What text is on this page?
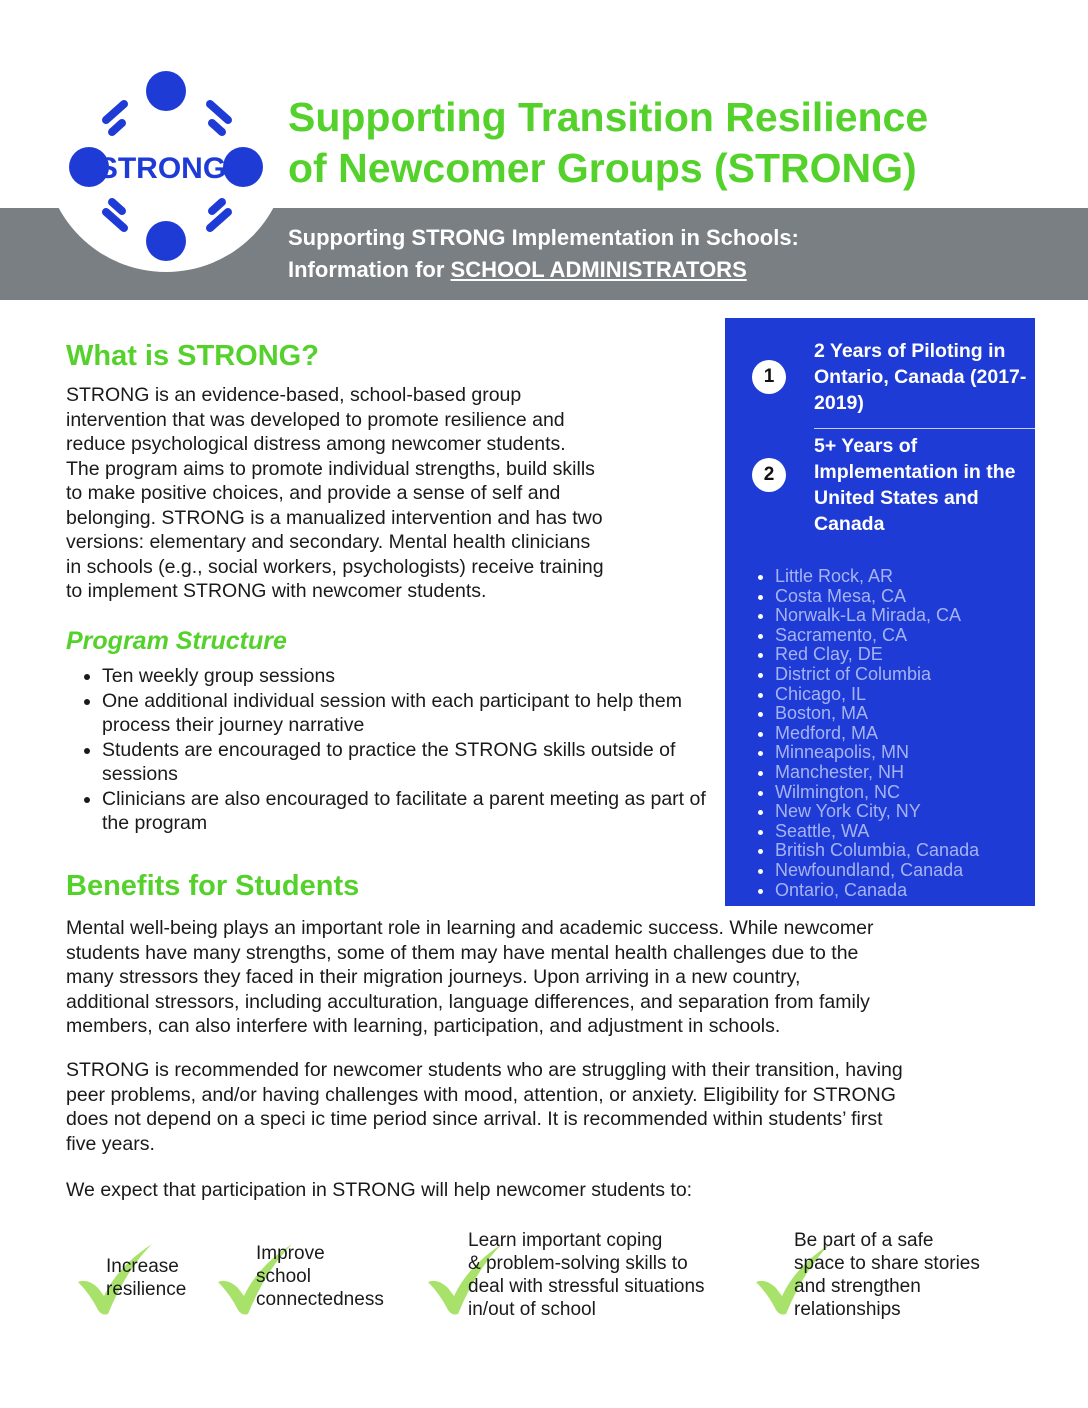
STRONG
Supporting Transition Resilience
of Newcomer Groups (STRONG)

Supporting STRONG Implementation in Schools:
Information for SCHOOL ADMINISTRATORS

What is STRONG?

STRONG is an evidence-based, school-based group
intervention that was developed to promote resilience and
reduce psychological distress among newcomer students.
The program aims to promote individual strengths, build skills
to make positive choices, and provide a sense of self and
belonging. STRONG is a manualized intervention and has two
versions: elementary and secondary. Mental health clinicians
in schools (e.g., social workers, psychologists) receive training
to implement STRONG with newcomer students.

Program Structure
• Ten weekly group sessions
• One additional individual session with each participant to help them process their journey narrative
• Students are encouraged to practice the STRONG skills outside of sessions
• Clinicians are also encouraged to facilitate a parent meeting as part of the program
1

2 Years of Piloting in Ontario, Canada (2017-2019)

2

5+ Years of Implementation in the United States and Canada

• Little Rock, AR
• Costa Mesa, CA
• Norwalk-La Mirada, CA
• Sacramento, CA
• Red Clay, DE
• District of Columbia
• Chicago, IL
• Boston, MA
• Medford, MA
• Minneapolis, MN
• Manchester, NH
• Wilmington, NC
• New York City, NY
• Seattle, WA
• British Columbia, Canada
• Newfoundland, Canada
• Ontario, Canada
Benefits for Students

Mental well-being plays an important role in learning and academic success. While newcomer
students have many strengths, some of them may have mental health challenges due to the
many stressors they faced in their migration journeys. Upon arriving in a new country,
additional stressors, including acculturation, language differences, and separation from family
members, can also interfere with learning, participation, and adjustment in schools.

STRONG is recommended for newcomer students who are struggling with their transition, having
peer problems, and/or having challenges with mood, attention, or anxiety. Eligibility for STRONG
does not depend on a speci ic time period since arrival. It is recommended within students’ first
five years.

We expect that participation in STRONG will help newcomer students to:

Increase
resilience

Improve
school
connectedness

Learn important coping
& problem-solving skills to
deal with stressful situations
in/out of school

Be part of a safe
space to share stories
and strengthen
relationships
